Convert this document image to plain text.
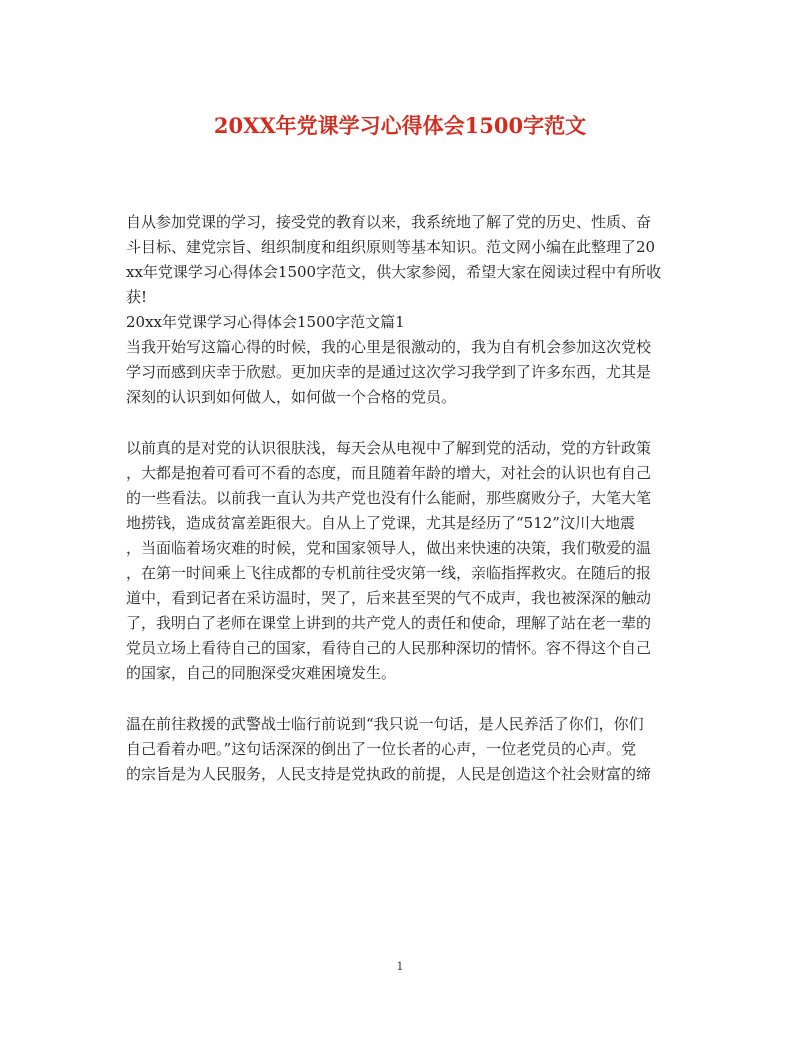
20XX年党课学习心得体会1500字范文
自从参加党课的学习，接受党的教育以来，我系统地了解了党的历史、性质、奋
斗目标、建党宗旨、组织制度和组织原则等基本知识。范文网小编在此整理了20
xx年党课学习心得体会1500字范文，供大家参阅，希望大家在阅读过程中有所收
获!
20xx年党课学习心得体会1500字范文篇1
当我开始写这篇心得的时候，我的心里是很激动的，我为自有机会参加这次党校
学习而感到庆幸于欣慰。更加庆幸的是通过这次学习我学到了许多东西，尤其是
深刻的认识到如何做人，如何做一个合格的党员。
以前真的是对党的认识很肤浅，每天会从电视中了解到党的活动，党的方针政策
，大都是抱着可看可不看的态度，而且随着年龄的增大，对社会的认识也有自己
的一些看法。以前我一直认为共产党也没有什么能耐，那些腐败分子，大笔大笔
地捞钱，造成贫富差距很大。自从上了党课，尤其是经历了“512”汶川大地震
，当面临着场灾难的时候，党和国家领导人，做出来快速的决策，我们敬爱的温
，在第一时间乘上飞往成都的专机前往受灾第一线，亲临指挥救灾。在随后的报
道中，看到记者在采访温时，哭了，后来甚至哭的气不成声，我也被深深的触动
了，我明白了老师在课堂上讲到的共产党人的责任和使命，理解了站在老一辈的
党员立场上看待自己的国家，看待自己的人民那种深切的情怀。容不得这个自己
的国家，自己的同胞深受灾难困境发生。
温在前往救援的武警战士临行前说到“我只说一句话，是人民养活了你们，你们
自己看着办吧。”这句话深深的倒出了一位长者的心声，一位老党员的心声。党
的宗旨是为人民服务，人民支持是党执政的前提，人民是创造这个社会财富的缔
1
